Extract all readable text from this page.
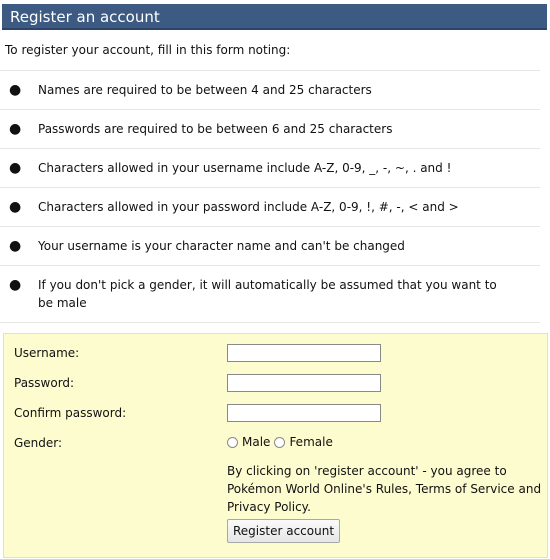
Register an account
To register your account, fill in this form noting:
● Names are required to be between 4 and 25 characters
● Passwords are required to be between 6 and 25 characters
● Characters allowed in your username include A-Z, 0-9, _, -, ~, . and !
● Characters allowed in your password include A-Z, 0-9, !, #, -, < and >
● Your username is your character name and can't be changed
● If you don't pick a gender, it will automatically be assumed that you want to be male
Username:
Password:
Confirm password:
Gender:	Male Female
By clicking on 'register account' - you agree to Pokémon World Online's Rules, Terms of Service and Privacy Policy.
Register account
